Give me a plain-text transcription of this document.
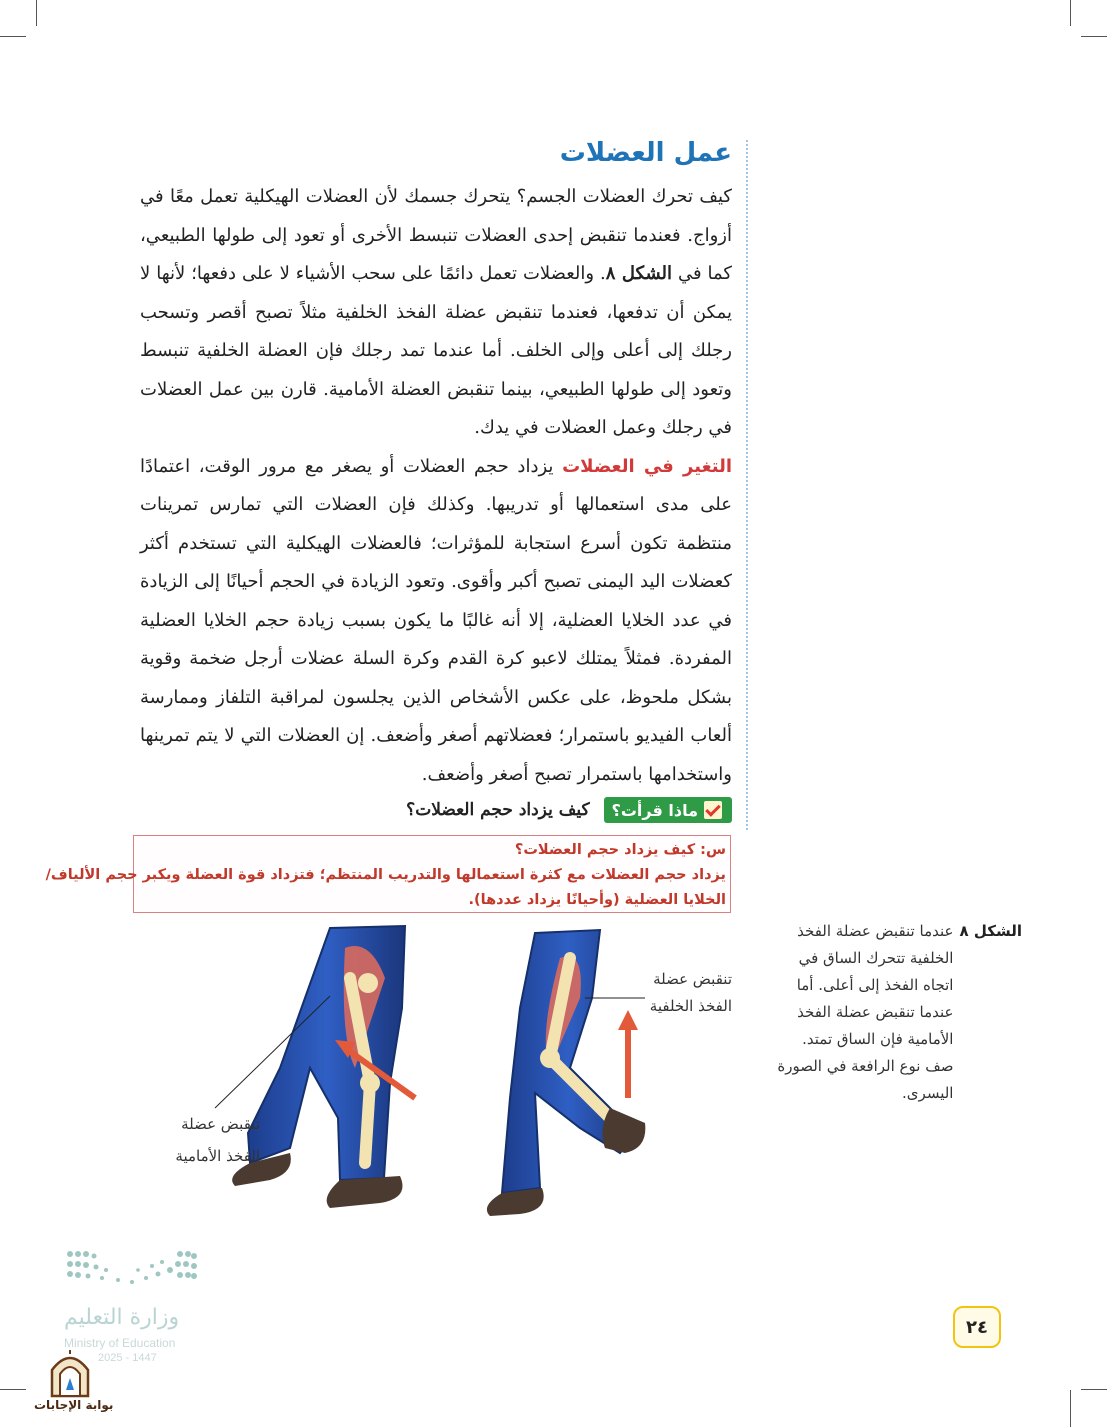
عمل العضلات

كيف تحرك العضلات الجسم؟ يتحرك جسمك لأن العضلات الهيكلية تعمل معًا في أزواج. فعندما تنقبض إحدى العضلات تنبسط الأخرى أو تعود إلى طولها الطبيعي، كما في الشكل ٨. والعضلات تعمل دائمًا على سحب الأشياء لا على دفعها؛ لأنها لا يمكن أن تدفعها، فعندما تنقبض عضلة الفخذ الخلفية مثلاً تصبح أقصر وتسحب رجلك إلى أعلى وإلى الخلف. أما عندما تمد رجلك فإن العضلة الخلفية تنبسط وتعود إلى طولها الطبيعي، بينما تنقبض العضلة الأمامية. قارن بين عمل العضلات في رجلك وعمل العضلات في يدك.

التغير في العضلات يزداد حجم العضلات أو يصغر مع مرور الوقت، اعتمادًا على مدى استعمالها أو تدريبها. وكذلك فإن العضلات التي تمارس تمرينات منتظمة تكون أسرع استجابة للمؤثرات؛ فالعضلات الهيكلية التي تستخدم أكثر كعضلات اليد اليمنى تصبح أكبر وأقوى. وتعود الزيادة في الحجم أحيانًا إلى الزيادة في عدد الخلايا العضلية، إلا أنه غالبًا ما يكون بسبب زيادة حجم الخلايا العضلية المفردة. فمثلاً يمتلك لاعبو كرة القدم وكرة السلة عضلات أرجل ضخمة وقوية بشكل ملحوظ، على عكس الأشخاص الذين يجلسون لمراقبة التلفاز وممارسة ألعاب الفيديو باستمرار؛ فعضلاتهم أصغر وأضعف. إن العضلات التي لا يتم تمرينها واستخدامها باستمرار تصبح أصغر وأضعف.

ماذا قرأت؟
كيف يزداد حجم العضلات؟
س: كيف يزداد حجم العضلات؟
يزداد حجم العضلات مع كثرة استعمالها والتدريب المنتظم؛ فتزداد قوة العضلة ويكبر حجم الألياف/
الخلايا العضلية (وأحيانًا يزداد عددها).
تنقبض عضلة الفخذ الخلفية
تنقبض عضلة الفخذ الأمامية
الشكل ٨عندما تنقبض عضلة الفخذ الخلفية تتحرك الساق في اتجاه الفخذ إلى أعلى. أما عندما تنقبض عضلة الفخذ الأمامية فإن الساق تمتد. صف نوع الرافعة في الصورة اليسرى.
وزارة التعليم
Ministry of Education
2025 - 1447
بوابة الإجابات
٢٤
